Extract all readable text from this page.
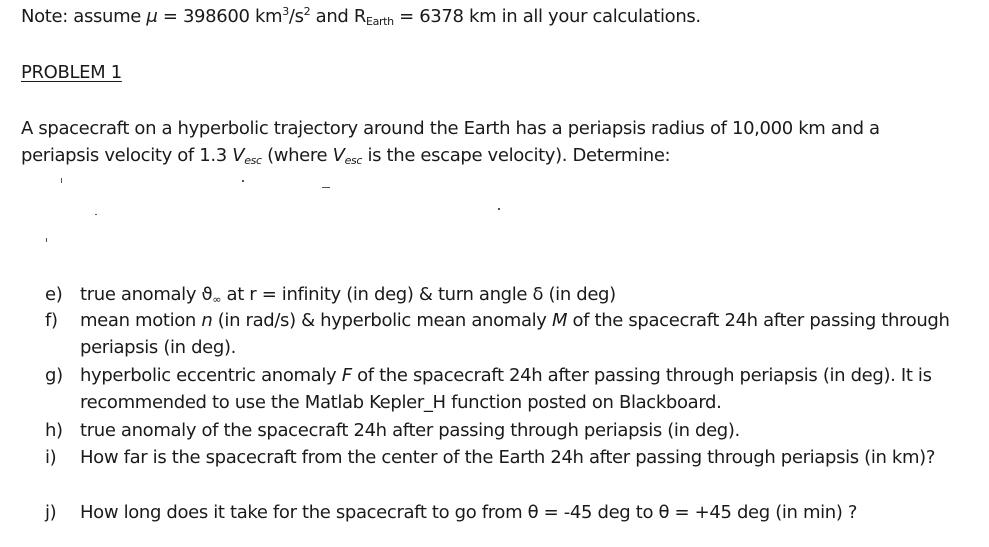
Note: assume μ = 398600 $km^3/s^2$ and $R_{Earth} = 6378$ km in all your calculations.
PROBLEM 1
A spacecraft on a hyperbolic trajectory around the Earth has a periapsis radius of 10,000 km and a
periapsis velocity of 1.3 $V_{esc}$ (where $V_{esc}$ is the escape velocity). Determine:
e) true anomaly $ϑ_\infty$ at r = infinity (in deg) & turn angle δ (in deg)
f) mean motion n (in rad/s) & hyperbolic mean anomaly M of the spacecraft 24h after passing through periapsis (in deg).
g) hyperbolic eccentric anomaly F of the spacecraft 24h after passing through periapsis (in deg). It is recommended to use the Matlab Kepler_H function posted on Blackboard.
h) true anomaly of the spacecraft 24h after passing through periapsis (in deg).
i) How far is the spacecraft from the center of the Earth 24h after passing through periapsis (in km)?
j) How long does it take for the spacecraft to go from θ = -45 deg to θ = +45 deg (in min) ?
